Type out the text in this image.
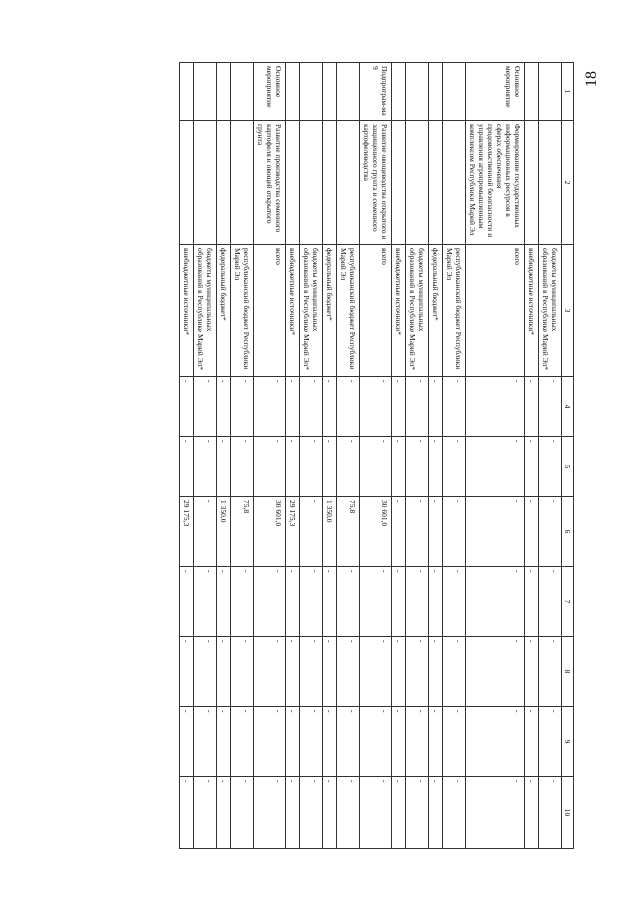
18
1	2	3	4	5	6	7	8	9	10
		бюджеты муниципальных образований в Республике Марий Эл*	-	-	-	-	-	-	-
		внебюджетные источники*	-	-	-	-	-	-	-
Основное мероприятие	Формирование государственных информационных ресурсов в сферах обеспечения продовольственной безопасности и управления агропромышленным комплексом Республики Марий Эл	всего	-	-	-	-	-	-	-
		республиканский бюджет Республики Марий Эл	-	-	-	-	-	-	-
		федеральный бюджет*	-	-	-	-	-	-	-
		бюджеты муниципальных образований в Республике Марий Эл*	-	-	-	-	-	-	-
		внебюджетные источники*	-	-	-	-	-	-	-
Подпрограм-ма 9	Развитие овощеводства открытого и защищенного грунта и семенного картофелеводства	всего	-	-	30 601,0	-	-	-	-
		республиканский бюджет Республики Марий Эл	-	-	75,8	-	-	-	-
		федеральный бюджет*	-	-	1 350,0	-	-	-	-
		бюджеты муниципальных образований в Республике Марий Эл*	-	-	-	-	-	-	-
		внебюджетные источники*	-	-	29 175,3	-	-	-	-
Основное мероприятие	Развитие производства семенного картофеля и овощей открытого грунта	всего	-	-	30 601,0	-	-	-	-
		республиканский бюджет Республики Марий Эл	-	-	75,8	-	-	-	-
		федеральный бюджет*	-	-	1 350,0	-	-	-	-
		бюджеты муниципальных образований в Республике Марий Эл*	-	-	-	-	-	-	-
		внебюджетные источники*	-	-	29 175,3	-	-	-	-
